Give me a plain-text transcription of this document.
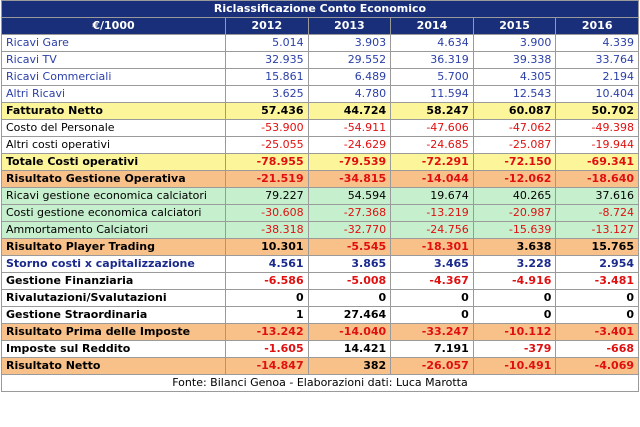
Riclassificazione Conto Economico					
€/1000	2012	2013	2014	2015	2016
Ricavi Gare	5.014	3.903	4.634	3.900	4.339
Ricavi TV	32.935	29.552	36.319	39.338	33.764
Ricavi Commerciali	15.861	6.489	5.700	4.305	2.194
Altri Ricavi	3.625	4.780	11.594	12.543	10.404
Fatturato Netto	57.436	44.724	58.247	60.087	50.702
Costo del Personale	-53.900	-54.911	-47.606	-47.062	-49.398
Altri costi operativi	-25.055	-24.629	-24.685	-25.087	-19.944
Totale Costi operativi	-78.955	-79.539	-72.291	-72.150	-69.341
Risultato Gestione Operativa	-21.519	-34.815	-14.044	-12.062	-18.640
Ricavi gestione economica calciatori	79.227	54.594	19.674	40.265	37.616
Costi gestione economica calciatori	-30.608	-27.368	-13.219	-20.987	-8.724
Ammortamento Calciatori	-38.318	-32.770	-24.756	-15.639	-13.127
Risultato Player Trading	10.301	-5.545	-18.301	3.638	15.765
Storno costi x capitalizzazione	4.561	3.865	3.465	3.228	2.954
Gestione Finanziaria	-6.586	-5.008	-4.367	-4.916	-3.481
Rivalutazioni/Svalutazioni	0	0	0	0	0
Gestione Straordinaria	1	27.464	0	0	0
Risultato Prima delle Imposte	-13.242	-14.040	-33.247	-10.112	-3.401
Imposte sul Reddito	-1.605	14.421	7.191	-379	-668
Risultato Netto	-14.847	382	-26.057	-10.491	-4.069
Fonte: Bilanci Genoa - Elaborazioni dati: Luca Marotta					
